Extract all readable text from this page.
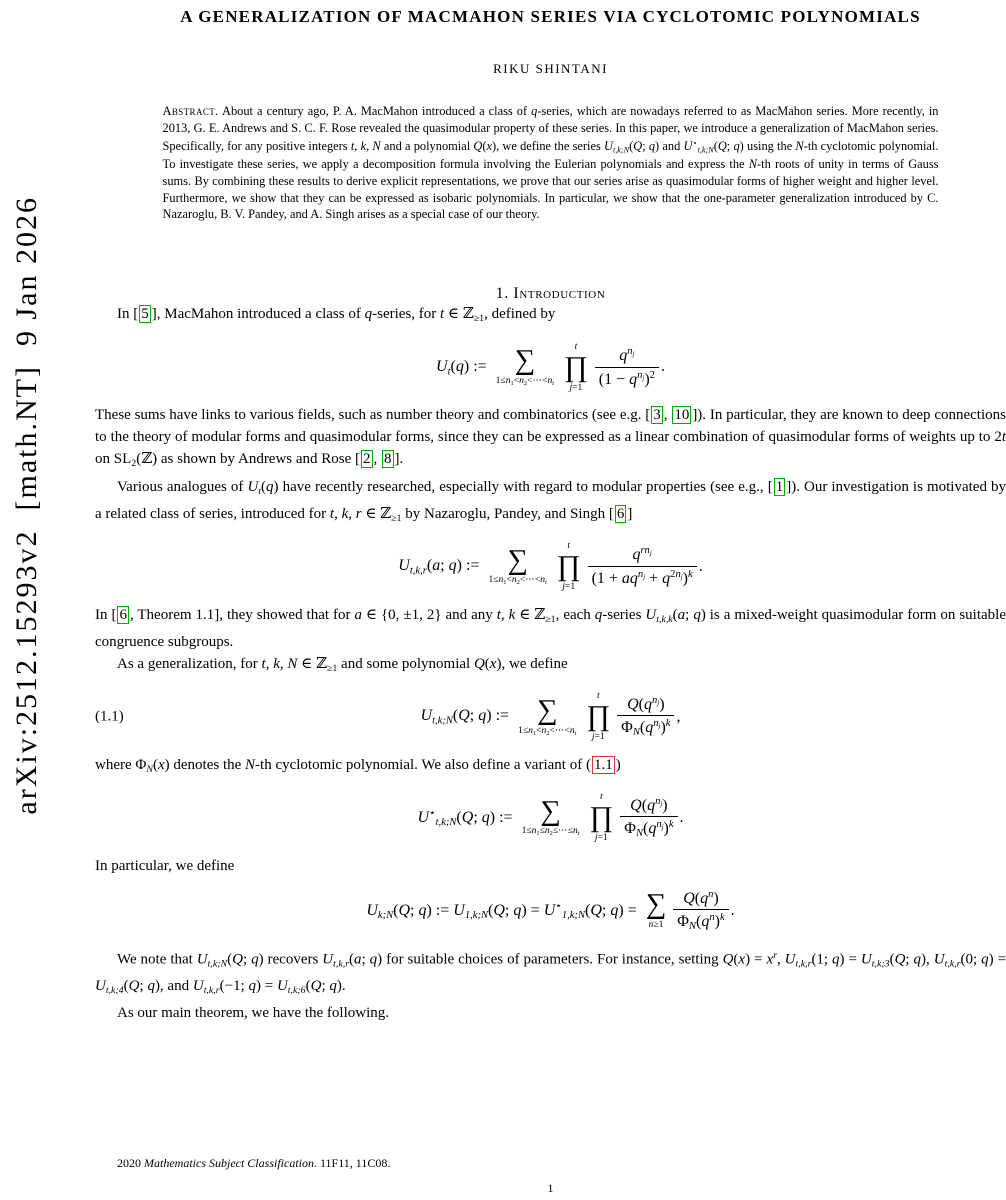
arXiv:2512.15293v2  [math.NT]  9 Jan 2026
A GENERALIZATION OF MACMAHON SERIES VIA CYCLOTOMIC POLYNOMIALS
RIKU SHINTANI
Abstract. About a century ago, P. A. MacMahon introduced a class of q-series, which are nowadays referred to as MacMahon series. More recently, in 2013, G. E. Andrews and S. C. F. Rose revealed the quasimodular property of these series. In this paper, we introduce a generalization of MacMahon series. Specifically, for any positive integers t, k, N and a polynomial Q(x), we define the series $U_{t,k;N}(Q$; q) and $U^⋆_{t,k;N}(Q$; q) using the N-th cyclotomic polynomial. To investigate these series, we apply a decomposition formula involving the Eulerian polynomials and express the N-th roots of unity in terms of Gauss sums. By combining these results to derive explicit representations, we prove that our series arise as quasimodular forms of higher weight and higher level. Furthermore, we show that they can be expressed as isobaric polynomials. In particular, we show that the one-parameter generalization introduced by C. Nazaroglu, B. V. Pandey, and A. Singh arises as a special case of our theory.
1. Introduction

In [ 5 ], MacMahon introduced a class of q-series, for t ∈ ℤ$_{\ge 1}$, defined by

$U_t(q)$ := ∑
$1\le n_1<n_2<\cdots<n_t$
t
∏
$j=1 \frac{q^{n_j}}{(1 - q^{n_j})^2}$ .

These sums have links to various fields, such as number theory and combinatorics (see e.g. [ 3 , 10 ]). In particular, they are known to deep connections to the theory of modular forms and quasimodular forms, since they can be expressed as a linear combination of quasimodular forms of weights up to 2t on $SL_2(ℤ)$ as shown by Andrews and Rose [ 2 , 8 ].

Various analogues of $U_t(q)$ have recently researched, especially with regard to modular properties (see e.g., [ 1 ]). Our investigation is motivated by a related class of series, introduced for t, k, r ∈ ℤ$_{\ge 1}$ by Nazaroglu, Pandey, and Singh [ 6 ]

$U_{t,k,r}(a$; q) := ∑
$1\le n_1<n_2<\cdots<n_t$
t
∏
$j=1 \frac{q^{rn_j}}{(1 + aq^{n_j} + q^{2n_j})^k}$ .

In [ 6 , Theorem 1.1], they showed that for a ∈ {0, ±1, 2} and any t, k ∈ ℤ$_{\ge 1}$, each q-series $U_{t,k,k}(a$; q) is a mixed-weight quasimodular form on suitable congruence subgroups.

As a generalization, for t, k, N ∈ ℤ$_{\ge 1}$ and some polynomial Q(x), we define

(1.1)	$U_{t,k;N}(Q$; q) := ∑
$1\le n_1<n_2<\cdots<n_t$
t
∏
$j=1 \frac{Q(q^{n_j})}{\Phi_N(q^{n_j})^k}$ ,

where $\Phi_N(x)$ denotes the N-th cyclotomic polynomial. We also define a variant of ( 1.1 )

$U^⋆_{t,k;N}(Q$; q) := ∑
$1\le n_1\le n_2\le\cdots\le n_t$
t
∏
$j=1 \frac{Q(q^{n_j})}{\Phi_N(q^{n_j})^k}$ .

In particular, we define

$U_{k;N}(Q$; q) := $U_{1,k;N}(Q$; $q) = U^⋆_{1,k;N}(Q$; q) = ∑
$n\ge 1 \frac{Q(q^n)}{\Phi_N(q^n)^k}$ .

We note that $U_{t,k;N}(Q$; q) recovers $U_{t,k,r}(a$; q) for suitable choices of parameters. For instance, setting $Q(x) = x^r$, $U_{t,k,r}(1$; $q) = U_{t,k;3}(Q$; q), $U_{t,k,r}(0$; $q) = U_{t,k;4}(Q$; q), and $U_{t,k,r}(-1$; $q) = U_{t,k;6}(Q$; q).

As our main theorem, we have the following.

2020 Mathematics Subject Classification. 11F11, 11C08.
1
